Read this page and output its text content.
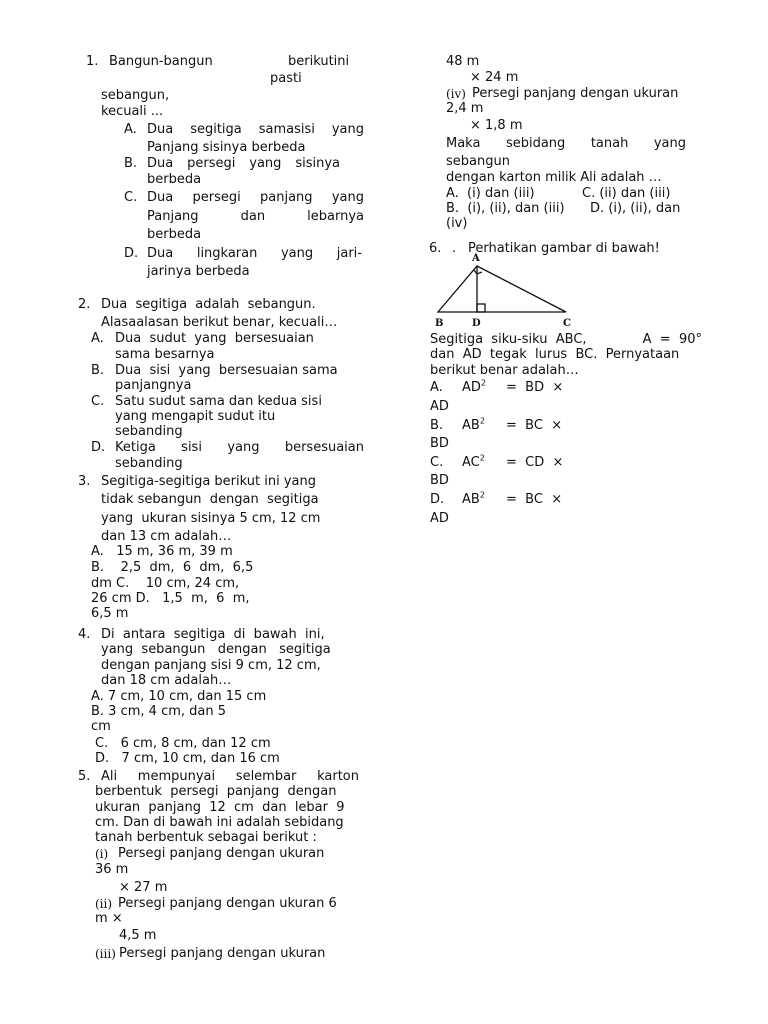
1. Bangun-bangun	berikutini
pasti
sebangun,
kecuali ...
A. Dua segitiga samasisi yang
Panjang sisinya berbeda
B. Dua persegi yang sisinya
berbeda
C. Dua persegi panjang yang
Panjang	dan	lebarnya
berbeda
D. Dua lingkaran yang jari-
jarinya berbeda
2. Dua  segitiga  adalah  sebangun.
Alasaalasan berikut benar, kecuali…
A. Dua  sudut  yang  bersesuaian
sama besarnya
B. Dua  sisi  yang  bersesuaian sama
panjangnya
C. Satu sudut sama dan kedua sisi
yang mengapit sudut itu
sebanding
D. Ketiga sisi yang bersesuaian
sebanding
3. Segitiga-segitiga berikut ini yang
tidak sebangun  dengan  segitiga
yang  ukuran sisinya 5 cm, 12 cm
dan 13 cm adalah…
A.   15 m, 36 m, 39 m
B.    2,5  dm,  6  dm,  6,5
dm C.    10 cm, 24 cm,
26 cm D.   1,5  m,  6  m,
6,5 m
4. Di  antara  segitiga  di  bawah  ini,
yang  sebangun   dengan   segitiga
dengan panjang sisi 9 cm, 12 cm,
dan 18 cm adalah…
A. 7 cm, 10 cm, dan 15 cm
B. 3 cm, 4 cm, dan 5
cm
C.   6 cm, 8 cm, dan 12 cm
D.   7 cm, 10 cm, dan 16 cm
5. Ali mempunyai selembar karton
berbentuk  persegi  panjang  dengan
ukuran  panjang  12  cm  dan  lebar  9
cm. Dan di bawah ini adalah sebidang
tanah berbentuk sebagai berikut :
(i) Persegi panjang dengan ukuran
36 m
× 27 m
(ii) Persegi panjang dengan ukuran 6
m ×
4,5 m
(iii) Persegi panjang dengan ukuran
48 m
× 24 m
(iv) Persegi panjang dengan ukuran
2,4 m
× 1,8 m
Maka sebidang tanah yang
sebangun
dengan karton milik Ali adalah …
A.  (i) dan (iii)	C. (ii) dan (iii)
B.  (i), (ii), dan (iii) D. (i), (ii), dan
(iv)
6. . Perhatikan gambar di bawah!
A
B	D	C
Segitiga  siku-siku  ABC,	A  =  90°
dan  AD  tegak  lurus  BC.  Pernyataan
berikut benar adalah…
A. $AD^2$ =  BD  ×
AD
B. $AB^2$ =  BC  ×
BD
C. $AC^2$ =  CD  ×
BD
D. $AB^2$ =  BC  ×
AD
